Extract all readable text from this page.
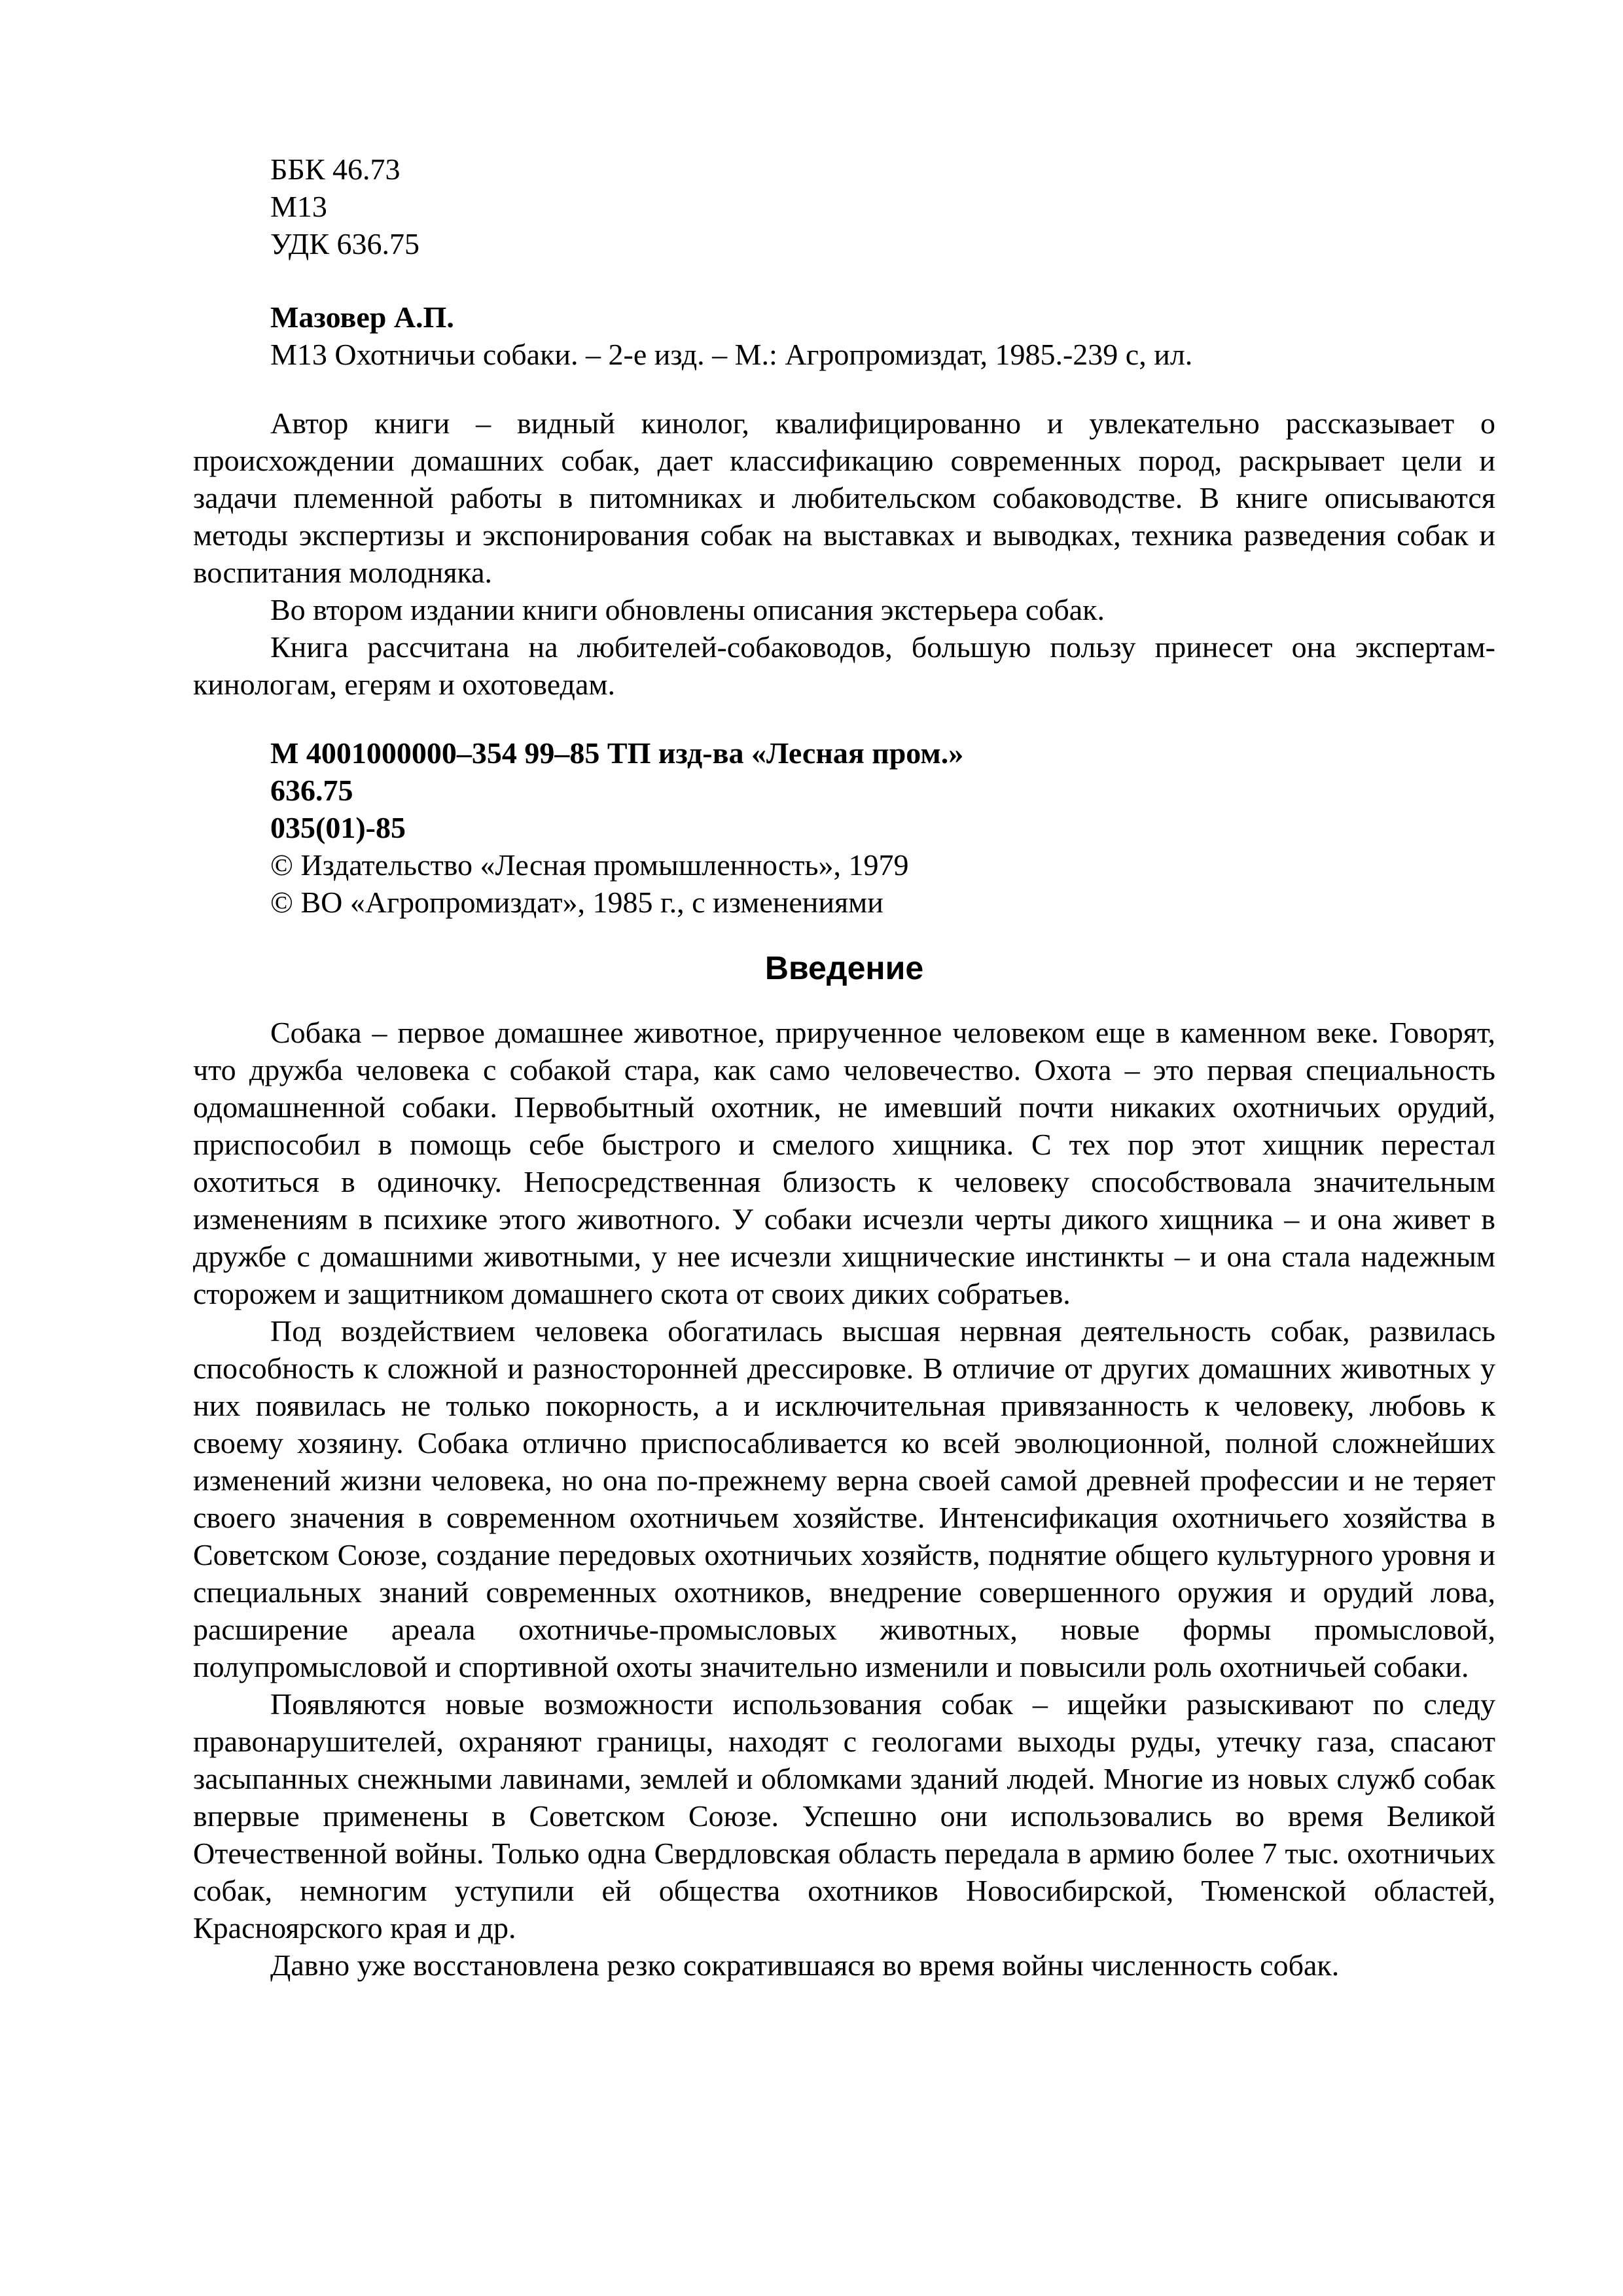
ББК 46.73
М13
УДК 636.75
Мазовер А.П.
М13 Охотничьи собаки. – 2-е изд. – М.: Агропромиздат, 1985.-239 с, ил.

Автор книги – видный кинолог, квалифицированно и увлекательно рассказывает о происхождении домашних собак, дает классификацию современных пород, раскрывает цели и задачи племенной работы в питомниках и любительском собаководстве. В книге описываются методы экспертизы и экспонирования собак на выставках и выводках, техника разведения собак и воспитания молодняка.

Во втором издании книги обновлены описания экстерьера собак.

Книга рассчитана на любителей-собаководов, большую пользу принесет она экспертам-кинологам, егерям и охотоведам.

М 4001000000–354 99–85 ТП изд-ва «Лесная пром.»
636.75
035(01)-85
© Издательство «Лесная промышленность», 1979
© ВО «Агропромиздат», 1985 г., с изменениями
Введение

Собака – первое домашнее животное, прирученное человеком еще в каменном веке. Говорят, что дружба человека с собакой стара, как само человечество. Охота – это первая специальность одомашненной собаки. Первобытный охотник, не имевший почти никаких охотничьих орудий, приспособил в помощь себе быстрого и смелого хищника. С тех пор этот хищник перестал охотиться в одиночку. Непосредственная близость к человеку способствовала значительным изменениям в психике этого животного. У собаки исчезли черты дикого хищника – и она живет в дружбе с домашними животными, у нее исчезли хищнические инстинкты – и она стала надежным сторожем и защитником домашнего скота от своих диких собратьев.

Под воздействием человека обогатилась высшая нервная деятельность собак, развилась способность к сложной и разносторонней дрессировке. В отличие от других домашних животных у них появилась не только покорность, а и исключительная привязанность к человеку, любовь к своему хозяину. Собака отлично приспосабливается ко всей эволюционной, полной сложнейших изменений жизни человека, но она по-прежнему верна своей самой древней профессии и не теряет своего значения в современном охотничьем хозяйстве. Интенсификация охотничьего хозяйства в Советском Союзе, создание передовых охотничьих хозяйств, поднятие общего культурного уровня и специальных знаний современных охотников, внедрение совершенного оружия и орудий лова, расширение ареала охотничье-промысловых животных, новые формы промысловой, полупромысловой и спортивной охоты значительно изменили и повысили роль охотничьей собаки.

Появляются новые возможности использования собак – ищейки разыскивают по следу правонарушителей, охраняют границы, находят с геологами выходы руды, утечку газа, спасают засыпанных снежными лавинами, землей и обломками зданий людей. Многие из новых служб собак впервые применены в Советском Союзе. Успешно они использовались во время Великой Отечественной войны. Только одна Свердловская область передала в армию более 7 тыс. охотничьих собак, немногим уступили ей общества охотников Новосибирской, Тюменской областей, Красноярского края и др.

Давно уже восстановлена резко сократившаяся во время войны численность собак.
